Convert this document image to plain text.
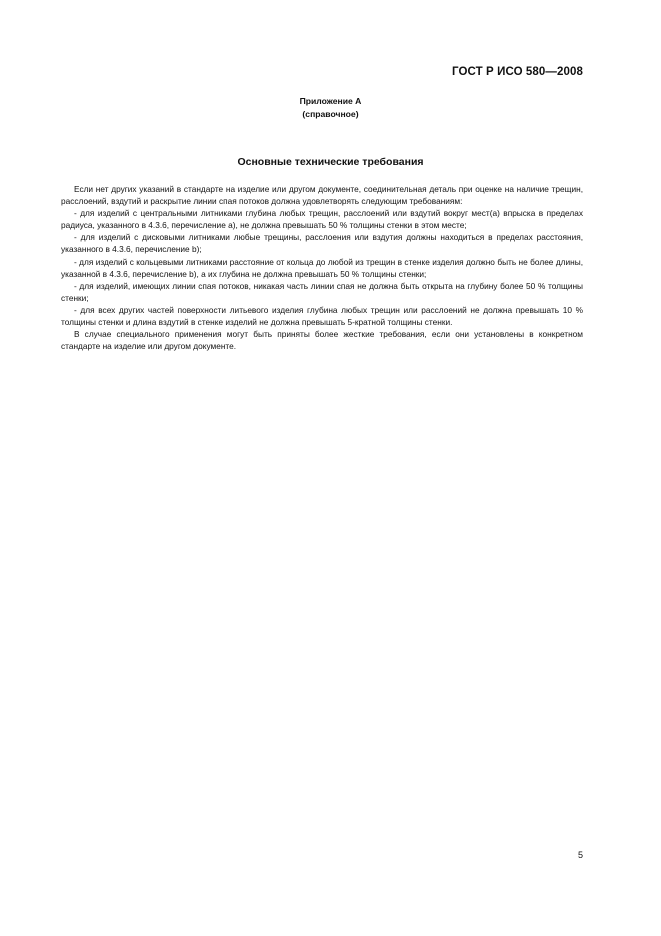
ГОСТ Р ИСО 580—2008
Приложение А
(справочное)
Основные технические требования

Если нет других указаний в стандарте на изделие или другом документе, соединительная деталь при оценке на наличие трещин, расслоений, вздутий и раскрытие линии спая потоков должна удовлетворять следующим требованиям:

- для изделий с центральными литниками глубина любых трещин, расслоений или вздутий вокруг мест(а) впрыска в пределах радиуса, указанного в 4.3.6, перечисление а), не должна превышать 50 % толщины стенки в этом месте;

- для изделий с дисковыми литниками любые трещины, расслоения или вздутия должны находиться в пределах расстояния, указанного в 4.3.6, перечисление b);

- для изделий с кольцевыми литниками расстояние от кольца до любой из трещин в стенке изделия должно быть не более длины, указанной в 4.3.6, перечисление b), а их глубина не должна превышать 50 % толщины стенки;

- для изделий, имеющих линии спая потоков, никакая часть линии спая не должна быть открыта на глубину более 50 % толщины стенки;

- для всех других частей поверхности литьевого изделия глубина любых трещин или расслоений не должна превышать 10 % толщины стенки и длина вздутий в стенке изделий не должна превышать 5-кратной толщины стенки.

В случае специального применения могут быть приняты более жесткие требования, если они установлены в конкретном стандарте на изделие или другом документе.

5
